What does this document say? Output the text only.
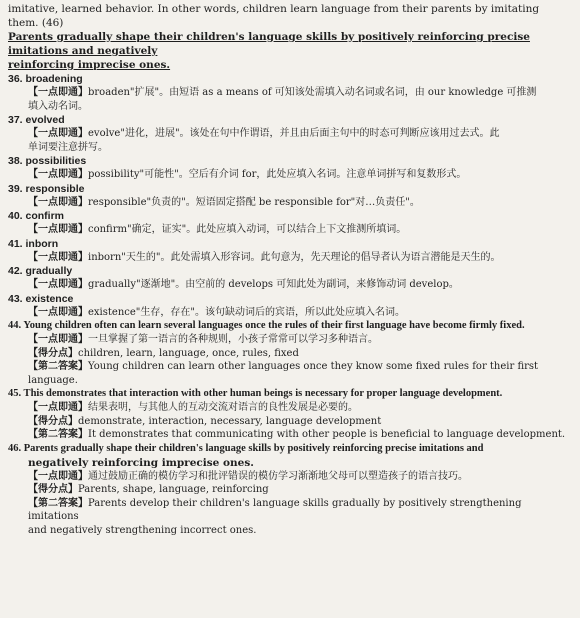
imitative, learned behavior. In other words, children learn language from their parents by imitating them. (46)
Parents gradually shape their children's language skills by positively reinforcing precise imitations and negatively
reinforcing imprecise ones.
36. broadening
【一点即通】broaden"扩展"。由短语 as a means of 可知该处需填入动名词或名词，由 our knowledge 可推测
填入动名词。
37. evolved
【一点即通】evolve"进化，进展"。该处在句中作谓语，并且由后面主句中的时态可判断应该用过去式。此
单词要注意拼写。
38. possibilities
【一点即通】possibility"可能性"。空后有介词 for，此处应填入名词。注意单词拼写和复数形式。
39. responsible
【一点即通】responsible"负责的"。短语固定搭配 be responsible for"对…负责任"。
40. confirm
【一点即通】confirm"确定，证实"。此处应填入动词，可以结合上下文推测所填词。
41. inborn
【一点即通】inborn"天生的"。此处需填入形容词。此句意为，先天理论的倡导者认为语言潜能是天生的。
42. gradually
【一点即通】gradually"逐渐地"。由空前的 develops 可知此处为副词，来修饰动词 develop。
43. existence
【一点即通】existence"生存，存在"。该句缺动词后的宾语，所以此处应填入名词。
44. Young children often can learn several languages once the rules of their first language have become firmly fixed.
【一点即通】一旦掌握了第一语言的各种规则，小孩子常常可以学习多种语言。
【得分点】children, learn, language, once, rules, fixed
【第二答案】Young children can learn other languages once they know some fixed rules for their first
language.
45. This demonstrates that interaction with other human beings is necessary for proper language development.
【一点即通】结果表明，与其他人的互动交流对语言的良性发展是必要的。
【得分点】demonstrate, interaction, necessary, language development
【第二答案】It demonstrates that communicating with other people is beneficial to language development.
46. Parents gradually shape their children's language skills by positively reinforcing precise imitations and
negatively reinforcing imprecise ones.
【一点即通】通过鼓励正确的模仿学习和批评错误的模仿学习渐渐地父母可以塑造孩子的语言技巧。
【得分点】Parents, shape, language, reinforcing
【第二答案】Parents develop their children's language skills gradually by positively strengthening imitations
and negatively strengthening incorrect ones.
